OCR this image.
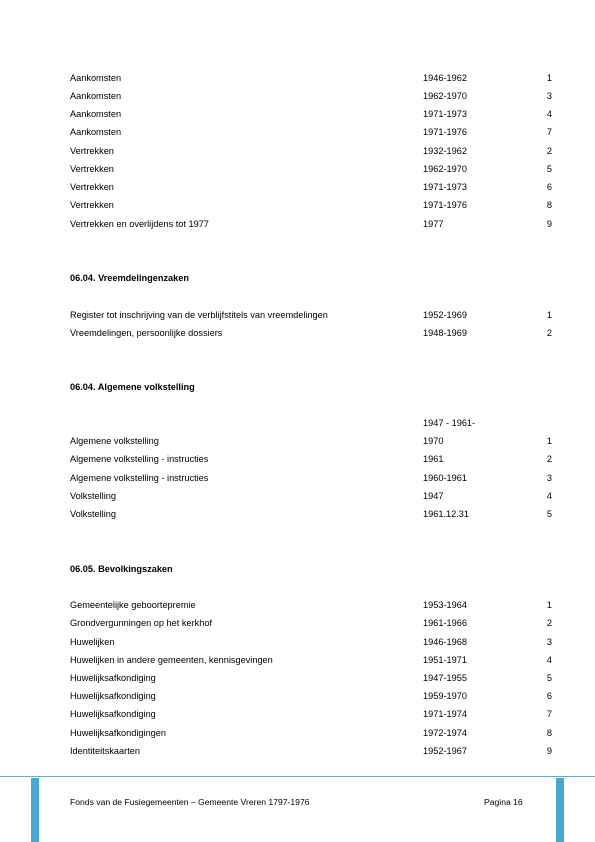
Aankomsten	1946-1962	1
Aankomsten	1962-1970	3
Aankomsten	1971-1973	4
Aankomsten	1971-1976	7
Vertrekken	1932-1962	2
Vertrekken	1962-1970	5
Vertrekken	1971-1973	6
Vertrekken	1971-1976	8
Vertrekken en overlijdens tot 1977	1977	9
06.04. Vreemdelingenzaken
Register tot inschrijving van de verblijfstitels van vreemdelingen	1952-1969	1
Vreemdelingen, persoonlijke dossiers	1948-1969	2
06.04. Algemene volkstelling
1947 - 1961-
Algemene volkstelling	1970	1
Algemene volkstelling - instructies	1961	2
Algemene volkstelling - instructies	1960-1961	3
Volkstelling	1947	4
Volkstelling	1961.12.31	5
06.05. Bevolkingszaken
Gemeentelijke geboortepremie	1953-1964	1
Grondvergunningen op het kerkhof	1961-1966	2
Huwelijken	1946-1968	3
Huwelijken in andere gemeenten, kennisgevingen	1951-1971	4
Huwelijksafkondiging	1947-1955	5
Huwelijksafkondiging	1959-1970	6
Huwelijksafkondiging	1971-1974	7
Huwelijksafkondigingen	1972-1974	8
Identiteitskaarten	1952-1967	9
Fonds van de Fusiegemeenten – Gemeente Vreren 1797-1976	Pagina 16
